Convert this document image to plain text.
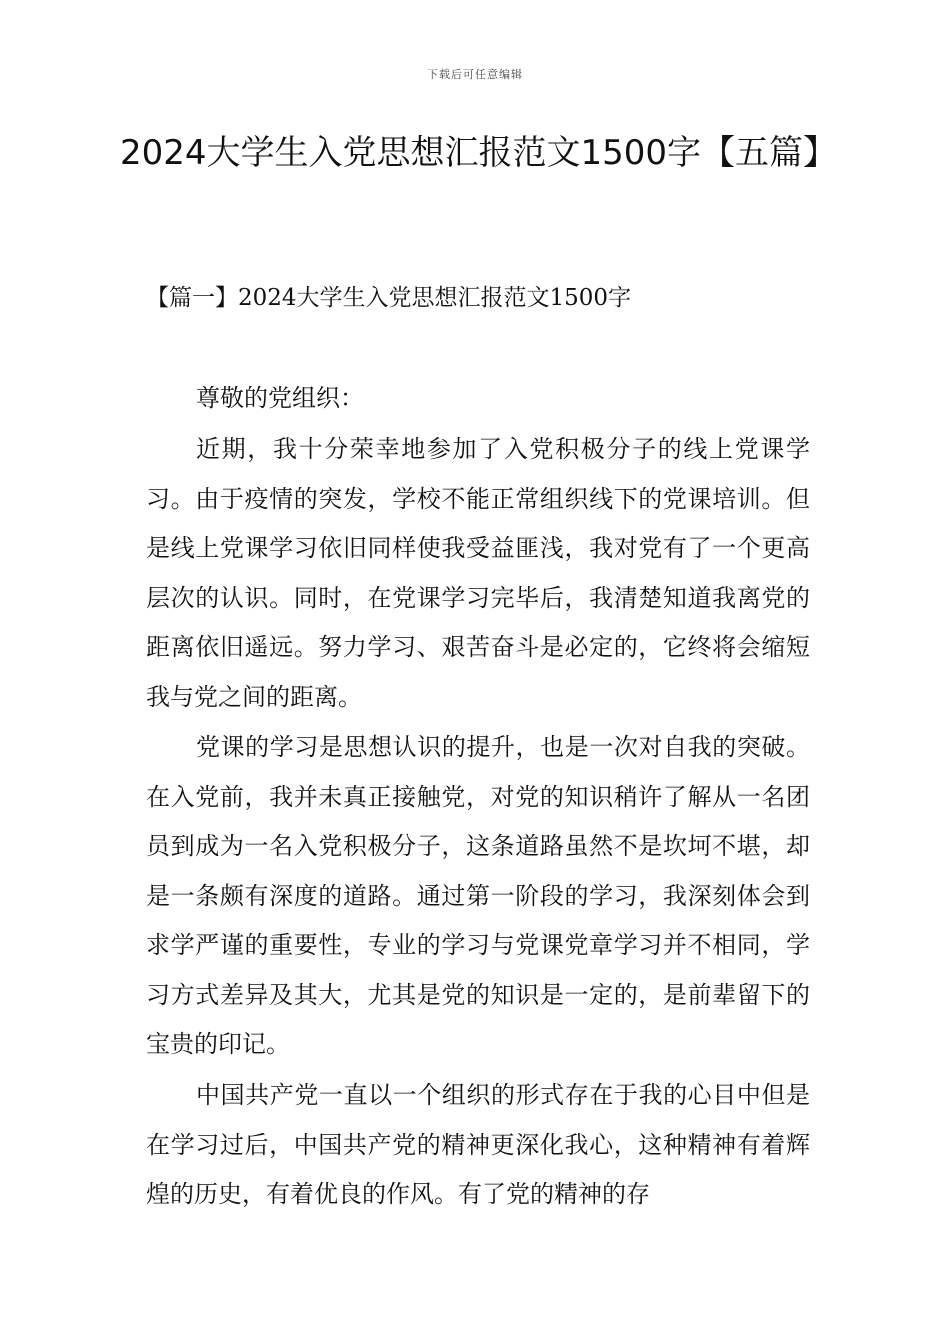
下载后可任意编辑
2024大学生入党思想汇报范文1500字【五篇】
【篇一】2024大学生入党思想汇报范文1500字

尊敬的党组织：

近期，我十分荣幸地参加了入党积极分子的线上党课学习。由于疫情的突发，学校不能正常组织线下的党课培训。但是线上党课学习依旧同样使我受益匪浅，我对党有了一个更高层次的认识。同时，在党课学习完毕后，我清楚知道我离党的距离依旧遥远。努力学习、艰苦奋斗是必定的，它终将会缩短我与党之间的距离。

党课的学习是思想认识的提升，也是一次对自我的突破。在入党前，我并未真正接触党，对党的知识稍许了解从一名团员到成为一名入党积极分子，这条道路虽然不是坎坷不堪，却是一条颇有深度的道路。通过第一阶段的学习，我深刻体会到求学严谨的重要性，专业的学习与党课党章学习并不相同，学习方式差异及其大，尤其是党的知识是一定的，是前辈留下的宝贵的印记。

中国共产党一直以一个组织的形式存在于我的心目中但是在学习过后，中国共产党的精神更深化我心，这种精神有着辉煌的历史，有着优良的作风。有了党的精神的存
